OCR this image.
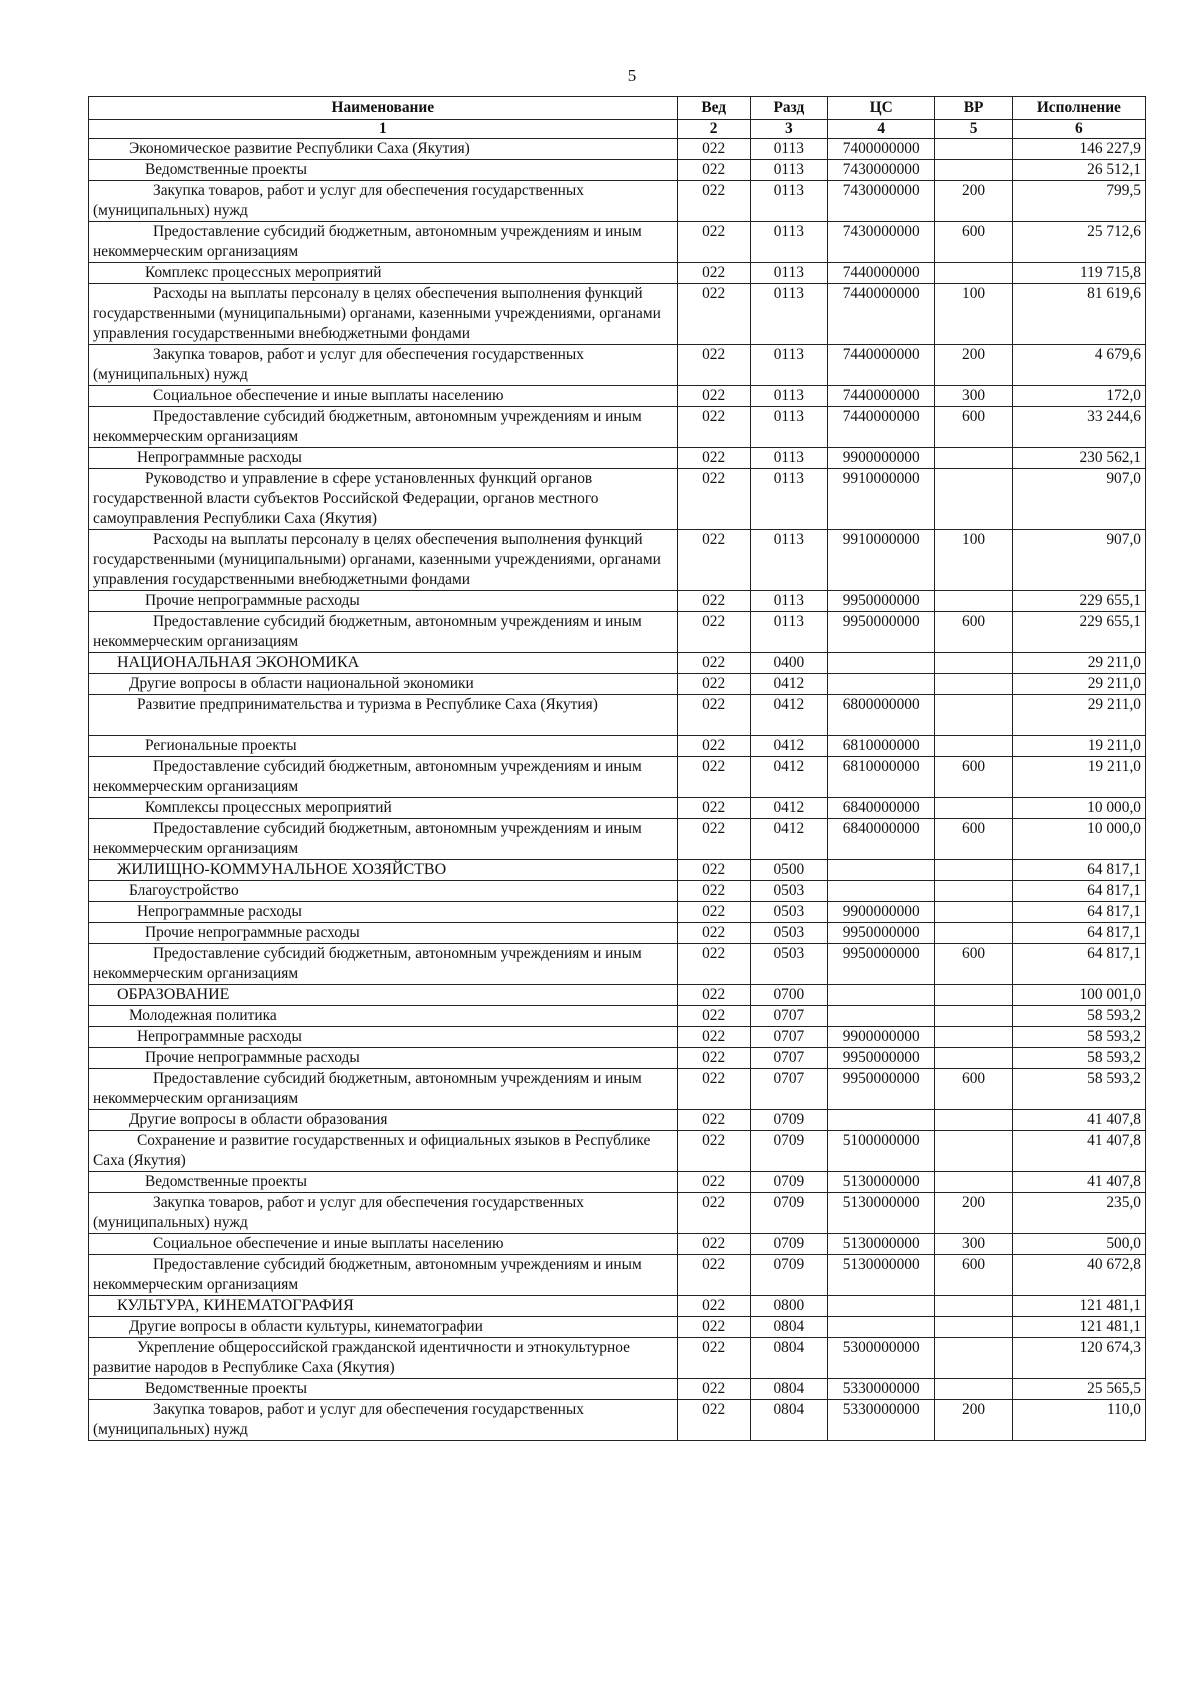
5
Наименование	Вед	Разд	ЦС	ВР	Исполнение
1	2	3	4	5	6
Экономическое развитие Республики Саха (Якутия)	022	0113	7400000000		146 227,9
Ведомственные проекты	022	0113	7430000000		26 512,1
Закупка товаров, работ и услуг для обеспечения государственных (муниципальных) нужд	022	0113	7430000000	200	799,5
Предоставление субсидий бюджетным, автономным учреждениям и иным некоммерческим организациям	022	0113	7430000000	600	25 712,6
Комплекс процессных мероприятий	022	0113	7440000000		119 715,8
Расходы на выплаты персоналу в целях обеспечения выполнения функций государственными (муниципальными) органами, казенными учреждениями, органами управления государственными внебюджетными фондами	022	0113	7440000000	100	81 619,6
Закупка товаров, работ и услуг для обеспечения государственных (муниципальных) нужд	022	0113	7440000000	200	4 679,6
Социальное обеспечение и иные выплаты населению	022	0113	7440000000	300	172,0
Предоставление субсидий бюджетным, автономным учреждениям и иным некоммерческим организациям	022	0113	7440000000	600	33 244,6
Непрограммные расходы	022	0113	9900000000		230 562,1
Руководство и управление в сфере установленных функций органов государственной власти субъектов Российской Федерации, органов местного самоуправления Республики Саха (Якутия)	022	0113	9910000000		907,0
Расходы на выплаты персоналу в целях обеспечения выполнения функций государственными (муниципальными) органами, казенными учреждениями, органами управления государственными внебюджетными фондами	022	0113	9910000000	100	907,0
Прочие непрограммные расходы	022	0113	9950000000		229 655,1
Предоставление субсидий бюджетным, автономным учреждениям и иным некоммерческим организациям	022	0113	9950000000	600	229 655,1
НАЦИОНАЛЬНАЯ ЭКОНОМИКА	022	0400			29 211,0
Другие вопросы в области национальной экономики	022	0412			29 211,0
Развитие предпринимательства и туризма в Республике Саха (Якутия)	022	0412	6800000000		29 211,0
Региональные проекты	022	0412	6810000000		19 211,0
Предоставление субсидий бюджетным, автономным учреждениям и иным некоммерческим организациям	022	0412	6810000000	600	19 211,0
Комплексы процессных мероприятий	022	0412	6840000000		10 000,0
Предоставление субсидий бюджетным, автономным учреждениям и иным некоммерческим организациям	022	0412	6840000000	600	10 000,0
ЖИЛИЩНО-КОММУНАЛЬНОЕ ХОЗЯЙСТВО	022	0500			64 817,1
Благоустройство	022	0503			64 817,1
Непрограммные расходы	022	0503	9900000000		64 817,1
Прочие непрограммные расходы	022	0503	9950000000		64 817,1
Предоставление субсидий бюджетным, автономным учреждениям и иным некоммерческим организациям	022	0503	9950000000	600	64 817,1
ОБРАЗОВАНИЕ	022	0700			100 001,0
Молодежная политика	022	0707			58 593,2
Непрограммные расходы	022	0707	9900000000		58 593,2
Прочие непрограммные расходы	022	0707	9950000000		58 593,2
Предоставление субсидий бюджетным, автономным учреждениям и иным некоммерческим организациям	022	0707	9950000000	600	58 593,2
Другие вопросы в области образования	022	0709			41 407,8
Сохранение и развитие государственных и официальных языков в Республике Саха (Якутия)	022	0709	5100000000		41 407,8
Ведомственные проекты	022	0709	5130000000		41 407,8
Закупка товаров, работ и услуг для обеспечения государственных (муниципальных) нужд	022	0709	5130000000	200	235,0
Социальное обеспечение и иные выплаты населению	022	0709	5130000000	300	500,0
Предоставление субсидий бюджетным, автономным учреждениям и иным некоммерческим организациям	022	0709	5130000000	600	40 672,8
КУЛЬТУРА, КИНЕМАТОГРАФИЯ	022	0800			121 481,1
Другие вопросы в области культуры, кинематографии	022	0804			121 481,1
Укрепление общероссийской гражданской идентичности и этнокультурное развитие народов в Республике Саха (Якутия)	022	0804	5300000000		120 674,3
Ведомственные проекты	022	0804	5330000000		25 565,5
Закупка товаров, работ и услуг для обеспечения государственных (муниципальных) нужд	022	0804	5330000000	200	110,0
